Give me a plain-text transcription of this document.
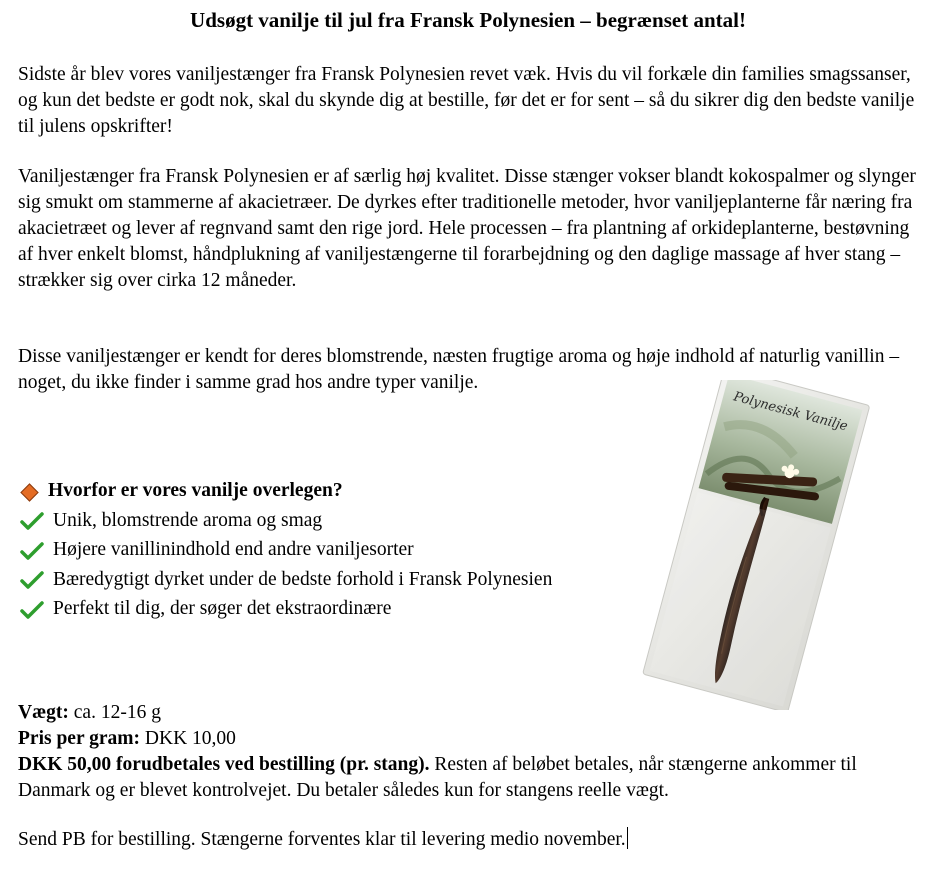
Udsøgt vanilje til jul fra Fransk Polynesien – begrænset antal!

Sidste år blev vores vaniljestænger fra Fransk Polynesien revet væk. Hvis du vil forkæle din families smagssanser, og kun det bedste er godt nok, skal du skynde dig at bestille, før det er for sent – så du sikrer dig den bedste vanilje til julens opskrifter!

Vaniljestænger fra Fransk Polynesien er af særlig høj kvalitet. Disse stænger vokser blandt kokospalmer og slynger sig smukt om stammerne af akacietræer. De dyrkes efter traditionelle metoder, hvor vaniljeplanterne får næring fra akacietræet og lever af regnvand samt den rige jord. Hele processen – fra plantning af orkideplanterne, bestøvning af hver enkelt blomst, håndplukning af vaniljestængerne til forarbejdning og den daglige massage af hver stang – strækker sig over cirka 12 måneder.

Disse vaniljestænger er kendt for deres blomstrende, næsten frugtige aroma og høje indhold af naturlig vanillin – noget, du ikke finder i samme grad hos andre typer vanilje.

Hvorfor er vores vanilje overlegen?
Unik, blomstrende aroma og smag
Højere vanillinindhold end andre vaniljesorter
Bæredygtigt dyrket under de bedste forhold i Fransk Polynesien
Perfekt til dig, der søger det ekstraordinære
Vægt: ca. 12-16 g
Pris per gram: DKK 10,00
DKK 50,00 forudbetales ved bestilling (pr. stang). Resten af beløbet betales, når stængerne ankommer til Danmark og er blevet kontrolvejet. Du betaler således kun for stangens reelle vægt.
Send PB for bestilling. Stængerne forventes klar til levering medio november.
Polynesisk Vanilje
